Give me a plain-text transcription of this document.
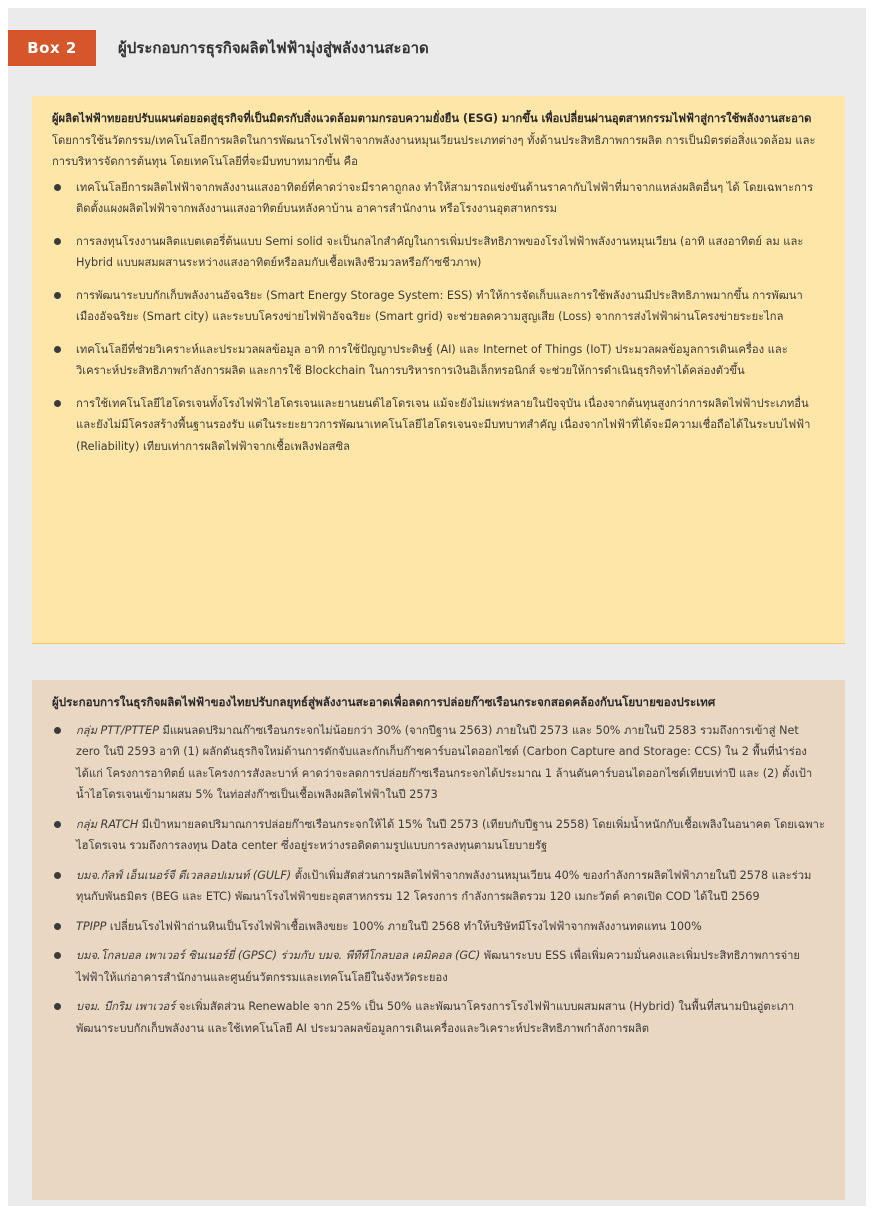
Box 2	ผู้ประกอบการธุรกิจผลิตไฟฟ้ามุ่งสู่พลังงานสะอาด

ผู้ผลิตไฟฟ้าทยอยปรับแผนต่อยอดสู่ธุรกิจที่เป็นมิตรกับสิ่งแวดล้อมตามกรอบความยั่งยืน (ESG) มากขึ้น เพื่อเปลี่ยนผ่านอุตสาหกรรมไฟฟ้าสู่การใช้พลังงานสะอาด โดยการใช้นวัตกรรม/เทคโนโลยีการผลิตในการพัฒนาโรงไฟฟ้าจากพลังงานหมุนเวียนประเภทต่างๆ ทั้งด้านประสิทธิภาพการผลิต การเป็นมิตรต่อสิ่งแวดล้อม และการบริหารจัดการต้นทุน โดยเทคโนโลยีที่จะมีบทบาทมากขึ้น คือ

เทคโนโลยีการผลิตไฟฟ้าจากพลังงานแสงอาทิตย์ที่คาดว่าจะมีราคาถูกลง ทำให้สามารถแข่งขันด้านราคากับไฟฟ้าที่มาจากแหล่งผลิตอื่นๆ ได้ โดยเฉพาะการติดตั้งแผงผลิตไฟฟ้าจากพลังงานแสงอาทิตย์บนหลังคาบ้าน อาคารสำนักงาน หรือโรงงานอุตสาหกรรม
การลงทุนโรงงานผลิตแบตเตอรี่ต้นแบบ Semi solid จะเป็นกลไกสำคัญในการเพิ่มประสิทธิภาพของโรงไฟฟ้าพลังงานหมุนเวียน (อาทิ แสงอาทิตย์ ลม และ Hybrid แบบผสมผสานระหว่างแสงอาทิตย์หรือลมกับเชื้อเพลิงชีวมวลหรือก๊าซชีวภาพ)
การพัฒนาระบบกักเก็บพลังงานอัจฉริยะ (Smart Energy Storage System: ESS) ทำให้การจัดเก็บและการใช้พลังงานมีประสิทธิภาพมากขึ้น การพัฒนาเมืองอัจฉริยะ (Smart city) และระบบโครงข่ายไฟฟ้าอัจฉริยะ (Smart grid) จะช่วยลดความสูญเสีย (Loss) จากการส่งไฟฟ้าผ่านโครงข่ายระยะไกล
เทคโนโลยีที่ช่วยวิเคราะห์และประมวลผลข้อมูล อาทิ การใช้ปัญญาประดิษฐ์ (AI) และ Internet of Things (IoT) ประมวลผลข้อมูลการเดินเครื่อง และวิเคราะห์ประสิทธิภาพกำลังการผลิต และการใช้ Blockchain ในการบริหารการเงินอิเล็กทรอนิกส์ จะช่วยให้การดำเนินธุรกิจทำได้คล่องตัวขึ้น
การใช้เทคโนโลยีไฮโดรเจนทั้งโรงไฟฟ้าไฮโดรเจนและยานยนต์ไฮโดรเจน แม้จะยังไม่แพร่หลายในปัจจุบัน เนื่องจากต้นทุนสูงกว่าการผลิตไฟฟ้าประเภทอื่นและยังไม่มีโครงสร้างพื้นฐานรองรับ แต่ในระยะยาวการพัฒนาเทคโนโลยีไฮโดรเจนจะมีบทบาทสำคัญ เนื่องจากไฟฟ้าที่ได้จะมีความเชื่อถือได้ในระบบไฟฟ้า (Reliability) เทียบเท่าการผลิตไฟฟ้าจากเชื้อเพลิงฟอสซิล

ผู้ประกอบการในธุรกิจผลิตไฟฟ้าของไทยปรับกลยุทธ์สู่พลังงานสะอาดเพื่อลดการปล่อยก๊าซเรือนกระจกสอดคล้องกับนโยบายของประเทศ

กลุ่ม PTT/PTTEP มีแผนลดปริมาณก๊าซเรือนกระจกไม่น้อยกว่า 30% (จากปีฐาน 2563) ภายในปี 2573 และ 50% ภายในปี 2583 รวมถึงการเข้าสู่ Net zero ในปี 2593 อาทิ (1) ผลักดันธุรกิจใหม่ด้านการดักจับและกักเก็บก๊าซคาร์บอนไดออกไซด์ (Carbon Capture and Storage: CCS) ใน 2 พื้นที่นำร่อง ได้แก่ โครงการอาทิตย์ และโครงการสังละบาห์ คาดว่าจะลดการปล่อยก๊าซเรือนกระจกได้ประมาณ 1 ล้านตันคาร์บอนไดออกไซด์เทียบเท่าปี และ (2) ตั้งเป้าน้ำไฮโดรเจนเข้ามาผสม 5% ในท่อส่งก๊าซเป็นเชื้อเพลิงผลิตไฟฟ้าในปี 2573
กลุ่ม RATCH มีเป้าหมายลดปริมาณการปล่อยก๊าซเรือนกระจกให้ได้ 15% ในปี 2573 (เทียบกับปีฐาน 2558) โดยเพิ่มน้ำหนักกับเชื้อเพลิงในอนาคต โดยเฉพาะไฮโดรเจน รวมถึงการลงทุน Data center ซึ่งอยู่ระหว่างรอติดตามรูปแบบการลงทุนตามนโยบายรัฐ
บมจ.กัลฟ์ เอ็นเนอร์จี ดีเวลลอปเมนท์ (GULF) ตั้งเป้าเพิ่มสัดส่วนการผลิตไฟฟ้าจากพลังงานหมุนเวียน 40% ของกำลังการผลิตไฟฟ้าภายในปี 2578 และร่วมทุนกับพันธมิตร (BEG และ ETC) พัฒนาโรงไฟฟ้าขยะอุตสาหกรรม 12 โครงการ กำลังการผลิตรวม 120 เมกะวัตต์ คาดเปิด COD ได้ในปี 2569
TPIPP เปลี่ยนโรงไฟฟ้าถ่านหินเป็นโรงไฟฟ้าเชื้อเพลิงขยะ 100% ภายในปี 2568 ทำให้บริษัทมีโรงไฟฟ้าจากพลังงานทดแทน 100%
บมจ.โกลบอล เพาเวอร์ ซินเนอร์ยี่ (GPSC) ร่วมกับ บมจ. พีทีทีโกลบอล เคมิคอล (GC) พัฒนาระบบ ESS เพื่อเพิ่มความมั่นคงและเพิ่มประสิทธิภาพการจ่ายไฟฟ้าให้แก่อาคารสำนักงานและศูนย์นวัตกรรมและเทคโนโลยีในจังหวัดระยอง
บจม. บีกริม เพาเวอร์ จะเพิ่มสัดส่วน Renewable จาก 25% เป็น 50% และพัฒนาโครงการโรงไฟฟ้าแบบผสมผสาน (Hybrid) ในพื้นที่สนามบินอู่ตะเภา พัฒนาระบบกักเก็บพลังงาน และใช้เทคโนโลยี AI ประมวลผลข้อมูลการเดินเครื่องและวิเคราะห์ประสิทธิภาพกำลังการผลิต
